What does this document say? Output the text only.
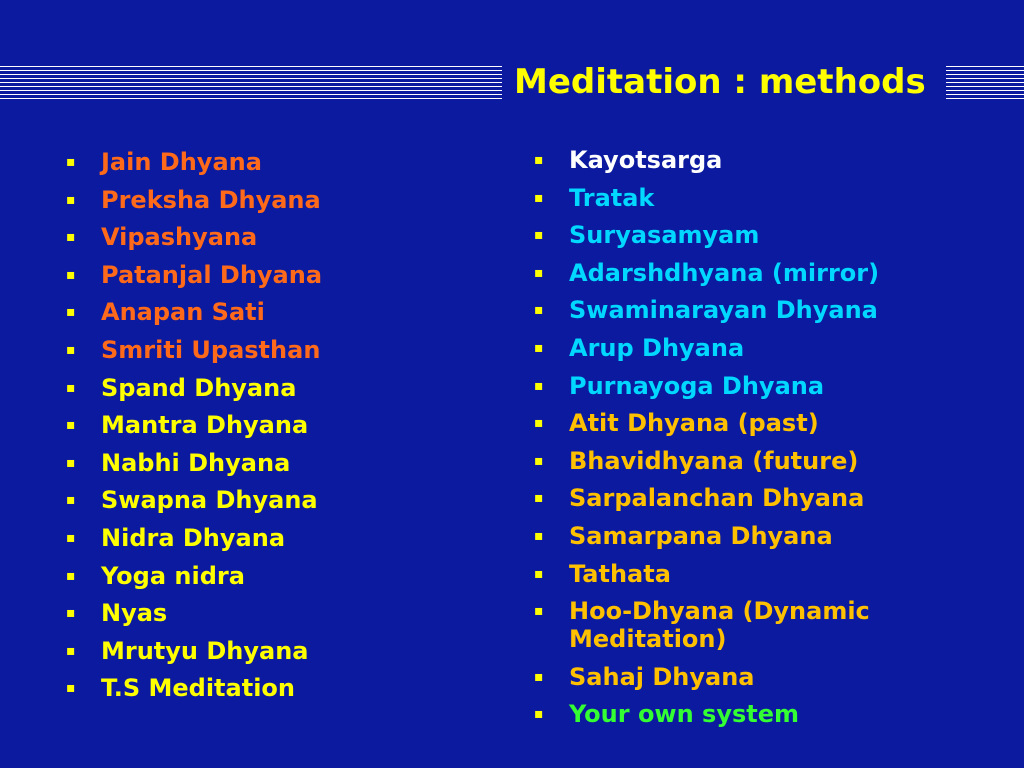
Meditation : methods
▪ Jain Dhyana
▪ Preksha Dhyana
▪ Vipashyana
▪ Patanjal Dhyana
▪ Anapan Sati
▪ Smriti Upasthan
▪ Spand Dhyana
▪ Mantra Dhyana
▪ Nabhi Dhyana
▪ Swapna Dhyana
▪ Nidra Dhyana
▪ Yoga nidra
▪ Nyas
▪ Mrutyu Dhyana
▪ T.S Meditation
▪ Kayotsarga
▪ Tratak
▪ Suryasamyam
▪ Adarshdhyana (mirror)
▪ Swaminarayan Dhyana
▪ Arup Dhyana
▪ Purnayoga Dhyana
▪ Atit Dhyana (past)
▪ Bhavidhyana (future)
▪ Sarpalanchan Dhyana
▪ Samarpana Dhyana
▪ Tathata
▪ Hoo-Dhyana (Dynamic Meditation)
▪ Sahaj Dhyana
▪ Your own system
